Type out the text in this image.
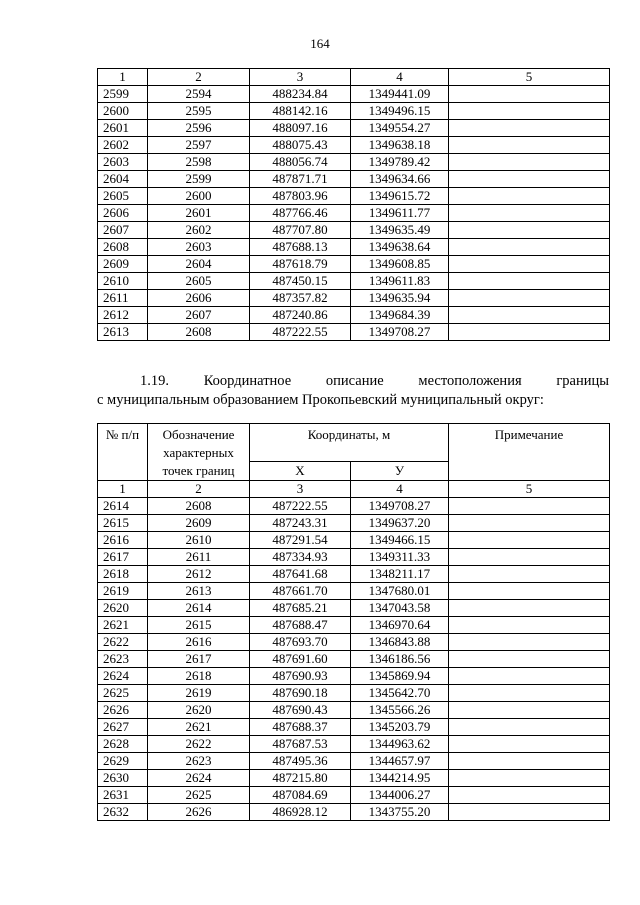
164
1	2	3	4	5
2599	2594	488234.84	1349441.09	
2600	2595	488142.16	1349496.15	
2601	2596	488097.16	1349554.27	
2602	2597	488075.43	1349638.18	
2603	2598	488056.74	1349789.42	
2604	2599	487871.71	1349634.66	
2605	2600	487803.96	1349615.72	
2606	2601	487766.46	1349611.77	
2607	2602	487707.80	1349635.49	
2608	2603	487688.13	1349638.64	
2609	2604	487618.79	1349608.85	
2610	2605	487450.15	1349611.83	
2611	2606	487357.82	1349635.94	
2612	2607	487240.86	1349684.39	
2613	2608	487222.55	1349708.27	
1.19. Координатное описание местоположения границы
с муниципальным образованием Прокопьевский муниципальный округ:
№ п/п	Обозначение характерных точек границ	Координаты, м		Примечание
		X	У	
1	2	3	4	5
2614	2608	487222.55	1349708.27	
2615	2609	487243.31	1349637.20	
2616	2610	487291.54	1349466.15	
2617	2611	487334.93	1349311.33	
2618	2612	487641.68	1348211.17	
2619	2613	487661.70	1347680.01	
2620	2614	487685.21	1347043.58	
2621	2615	487688.47	1346970.64	
2622	2616	487693.70	1346843.88	
2623	2617	487691.60	1346186.56	
2624	2618	487690.93	1345869.94	
2625	2619	487690.18	1345642.70	
2626	2620	487690.43	1345566.26	
2627	2621	487688.37	1345203.79	
2628	2622	487687.53	1344963.62	
2629	2623	487495.36	1344657.97	
2630	2624	487215.80	1344214.95	
2631	2625	487084.69	1344006.27	
2632	2626	486928.12	1343755.20	
